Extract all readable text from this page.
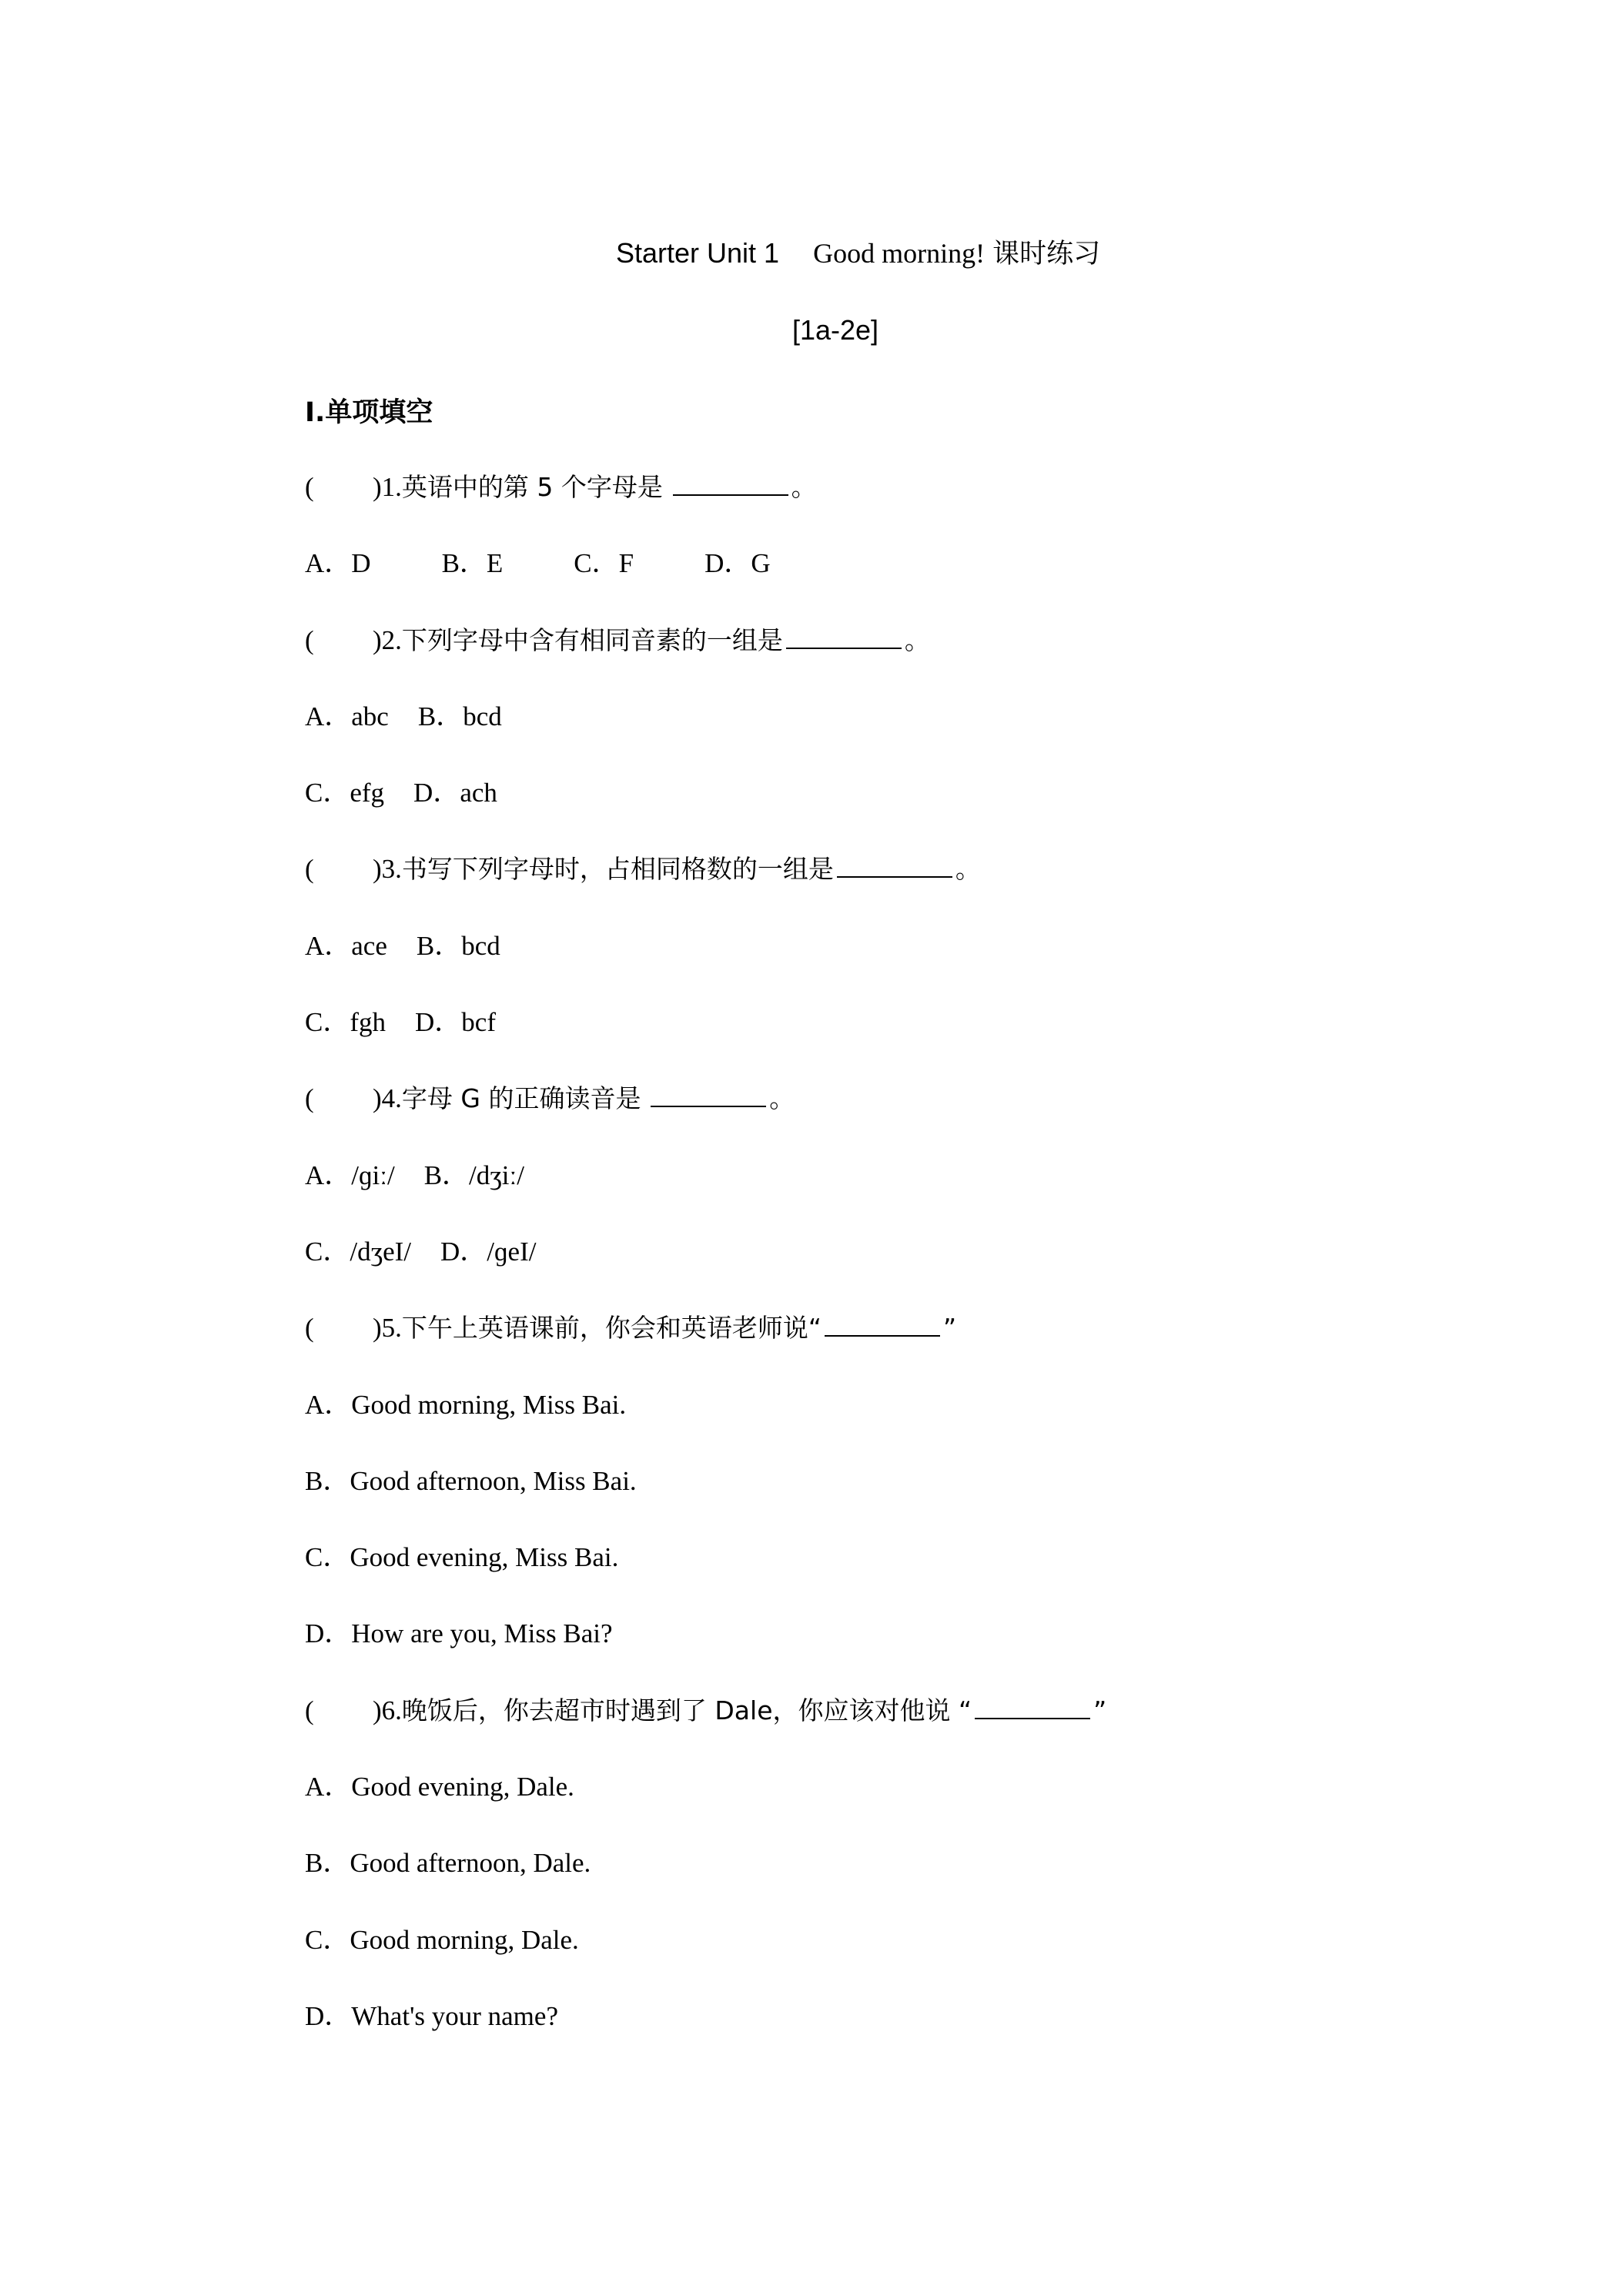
Starter Unit 1 Good morning! 课时练习
[1a-2e]
Ⅰ.单项填空
( )1.英语中的第 5 个字母是	。
A．D	B．E	C．F	D．G
( )2.下列字母中含有相同音素的一组是	。
A．abc B．bcd
C．efg D．ach
( )3.书写下列字母时，占相同格数的一组是	。
A．ace B．bcd
C．fgh D．bcf
( )4.字母 G 的正确读音是	。
A．/ɡiː/ B．/dʒiː/
C．/dʒeI/ D．/ɡeI/
( )5.下午上英语课前，你会和英语老师说“	”
A．Good morning, Miss Bai.
B．Good afternoon, Miss Bai.
C．Good evening, Miss Bai.
D．How are you, Miss Bai?
( )6.晚饭后，你去超市时遇到了 Dale，你应该对他说 “	”
A．Good evening, Dale.
B．Good afternoon, Dale.
C．Good morning, Dale.
D．What's your name?
